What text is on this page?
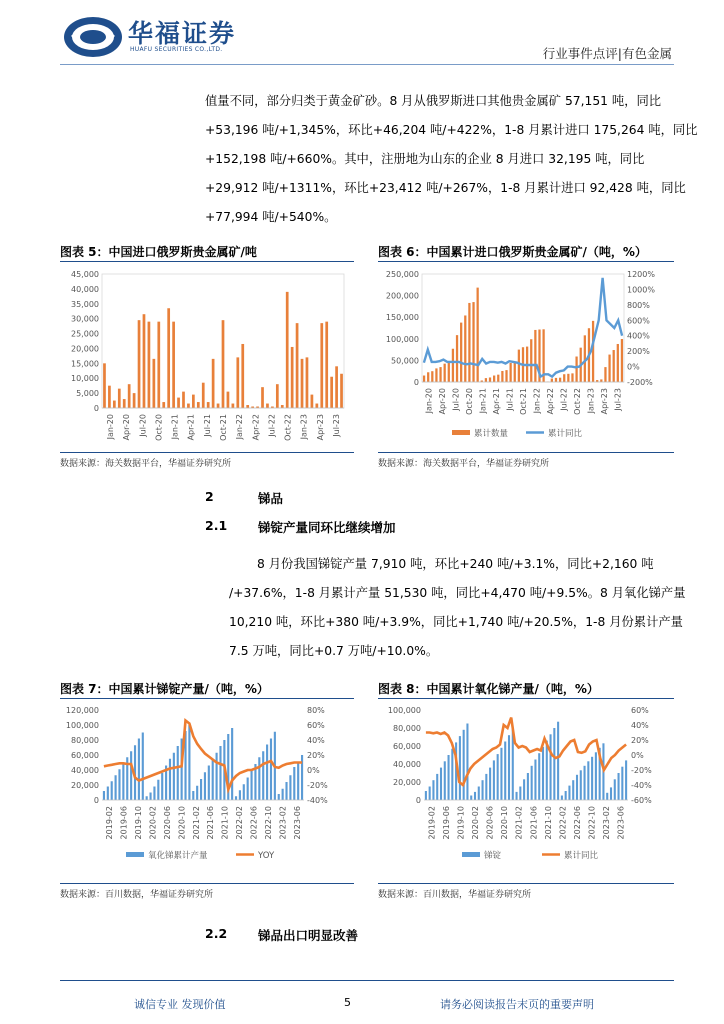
华福证券
HUAFU SECURITIES CO.,LTD.	行业事件点评|有色金属

值量不同，部分归类于黄金矿砂。8 月从俄罗斯进口其他贵金属矿 57,151 吨，同比

+53,196 吨/+1,345%，环比+46,204 吨/+422%，1-8 月累计进口 175,264 吨，同比

+152,198 吨/+660%。其中，注册地为山东的企业 8 月进口 32,195 吨，同比

+29,912 吨/+1311%，环比+23,412 吨/+267%，1-8 月累计进口 92,428 吨，同比

+77,994 吨/+540%。

图表 5：中国进口俄罗斯贵金属矿/吨
0
5,000
10,000
15,000
20,000
25,000
30,000
35,000
40,000
45,000
Jan-20 Apr-20 Jul-20 Oct-20 Jan-21 Apr-21 Jul-21 Oct-21 Jan-22 Apr-22 Jul-22 Oct-22 Jan-23 Apr-23 Jul-23
数据来源：海关数据平台，华福证券研究所
图表 6：中国累计进口俄罗斯贵金属矿/（吨，%）
0
50,000
100,000
150,000
200,000
250,000
-200%
0%
200%
400%
600%
800%
1000%
1200%
Jan-20 Apr-20 Jul-20 Oct-20 Jan-21 Apr-21 Jul-21 Oct-21 Jan-22 Apr-22 Jul-22 Oct-22 Jan-23 Apr-23 Jul-23
累计数量	累计同比
数据来源：海关数据平台，华福证券研究所
2	锑品
2.1 锑锭产量同环比继续增加

8 月份我国锑锭产量 7,910 吨，环比+240 吨/+3.1%，同比+2,160 吨

/+37.6%，1-8 月累计产量 51,530 吨，同比+4,470 吨/+9.5%。8 月氧化锑产量

10,210 吨，环比+380 吨/+3.9%，同比+1,740 吨/+20.5%，1-8 月份累计产量

7.5 万吨，同比+0.7 万吨/+10.0%。

图表 7：中国累计锑锭产量/（吨，%）
0
20,000
40,000
60,000
80,000
100,000
120,000
-40%
-20%
0%
20%
40%
60%
80%
2019-02 2019-06 2019-10 2020-02 2020-06 2020-10 2021-02 2021-06 2021-10 2022-02 2022-06 2022-10 2023-02 2023-06
氧化锑累计产量	YOY
数据来源：百川数据，华福证券研究所
图表 8：中国累计氧化锑产量/（吨，%）
0
20,000
40,000
60,000
80,000
100,000
-60%
-40%
-20%
0%
20%
40%
60%
2019-02 2019-06 2019-10 2020-02 2020-06 2020-10 2021-02 2021-06 2021-10 2022-02 2022-06 2022-10 2023-02 2023-06
锑锭	累计同比
数据来源：百川数据，华福证券研究所
2.2 锑品出口明显改善
诚信专业 发现价值	5	请务必阅读报告末页的重要声明
